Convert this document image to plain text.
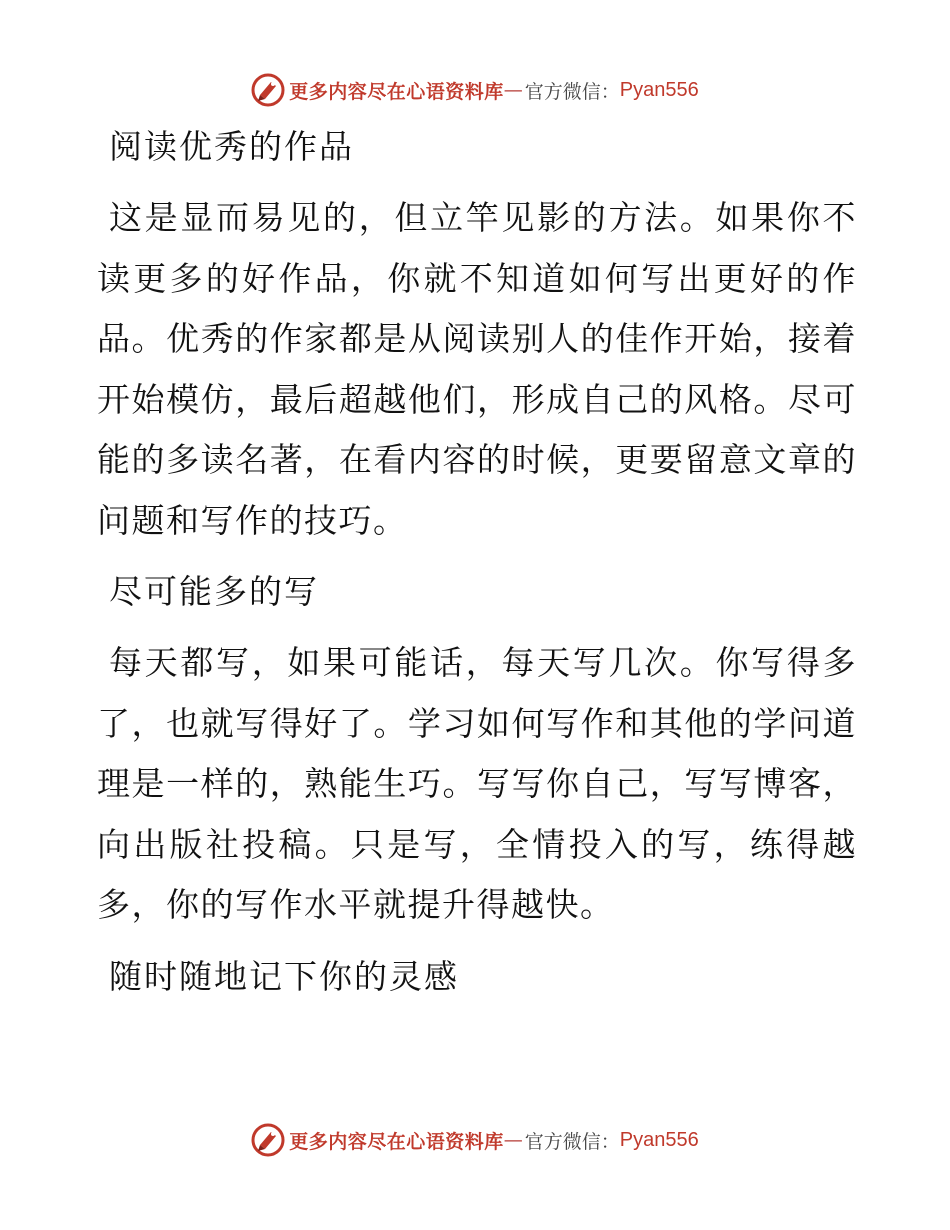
更多内容尽在心语资料库 — 官方微信： Pyan556
阅读优秀的作品

这是显而易见的，但立竿见影的方法。如果你不读更多的好作品，你就不知道如何写出更好的作品。优秀的作家都是从阅读别人的佳作开始，接着开始模仿，最后超越他们，形成自己的风格。尽可能的多读名著，在看内容的时候，更要留意文章的问题和写作的技巧。

尽可能多的写

每天都写，如果可能话，每天写几次。你写得多了，也就写得好了。学习如何写作和其他的学问道理是一样的，熟能生巧。写写你自己，写写博客，向出版社投稿。只是写，全情投入的写，练得越多，你的写作水平就提升得越快。

随时随地记下你的灵感
更多内容尽在心语资料库 — 官方微信： Pyan556
